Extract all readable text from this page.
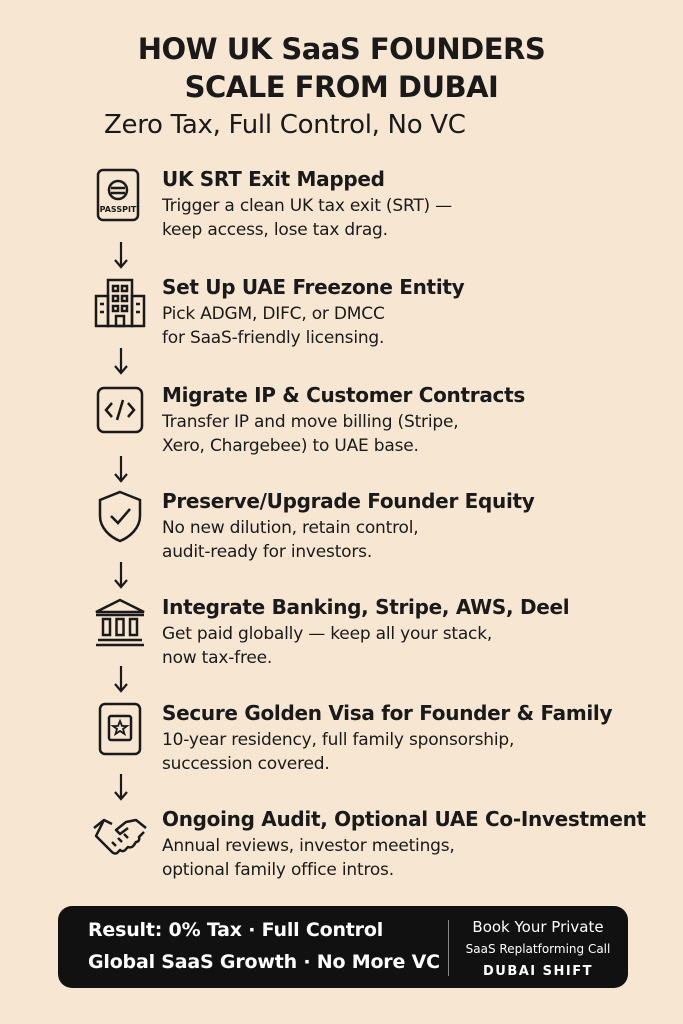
HOW UK SaaS FOUNDERS
SCALE FROM DUBAI
Zero Tax, Full Control, No VC
PASSPIT
UK SRT Exit Mapped
Trigger a clean UK tax exit (SRT) —
keep access, lose tax drag.
Set Up UAE Freezone Entity
Pick ADGM, DIFC, or DMCC
for SaaS-friendly licensing.
Migrate IP & Customer Contracts
Transfer IP and move billing (Stripe,
Xero, Chargebee) to UAE base.
Preserve/Upgrade Founder Equity
No new dilution, retain control,
audit-ready for investors.
Integrate Banking, Stripe, AWS, Deel
Get paid globally — keep all your stack,
now tax-free.
Secure Golden Visa for Founder & Family
10-year residency, full family sponsorship,
succession covered.
Ongoing Audit, Optional UAE Co-Investment
Annual reviews, investor meetings,
optional family office intros.
Result: 0% Tax · Full Control
Global SaaS Growth · No More VC
Book Your Private
SaaS Replatforming Call
DUBAI SHIFT
